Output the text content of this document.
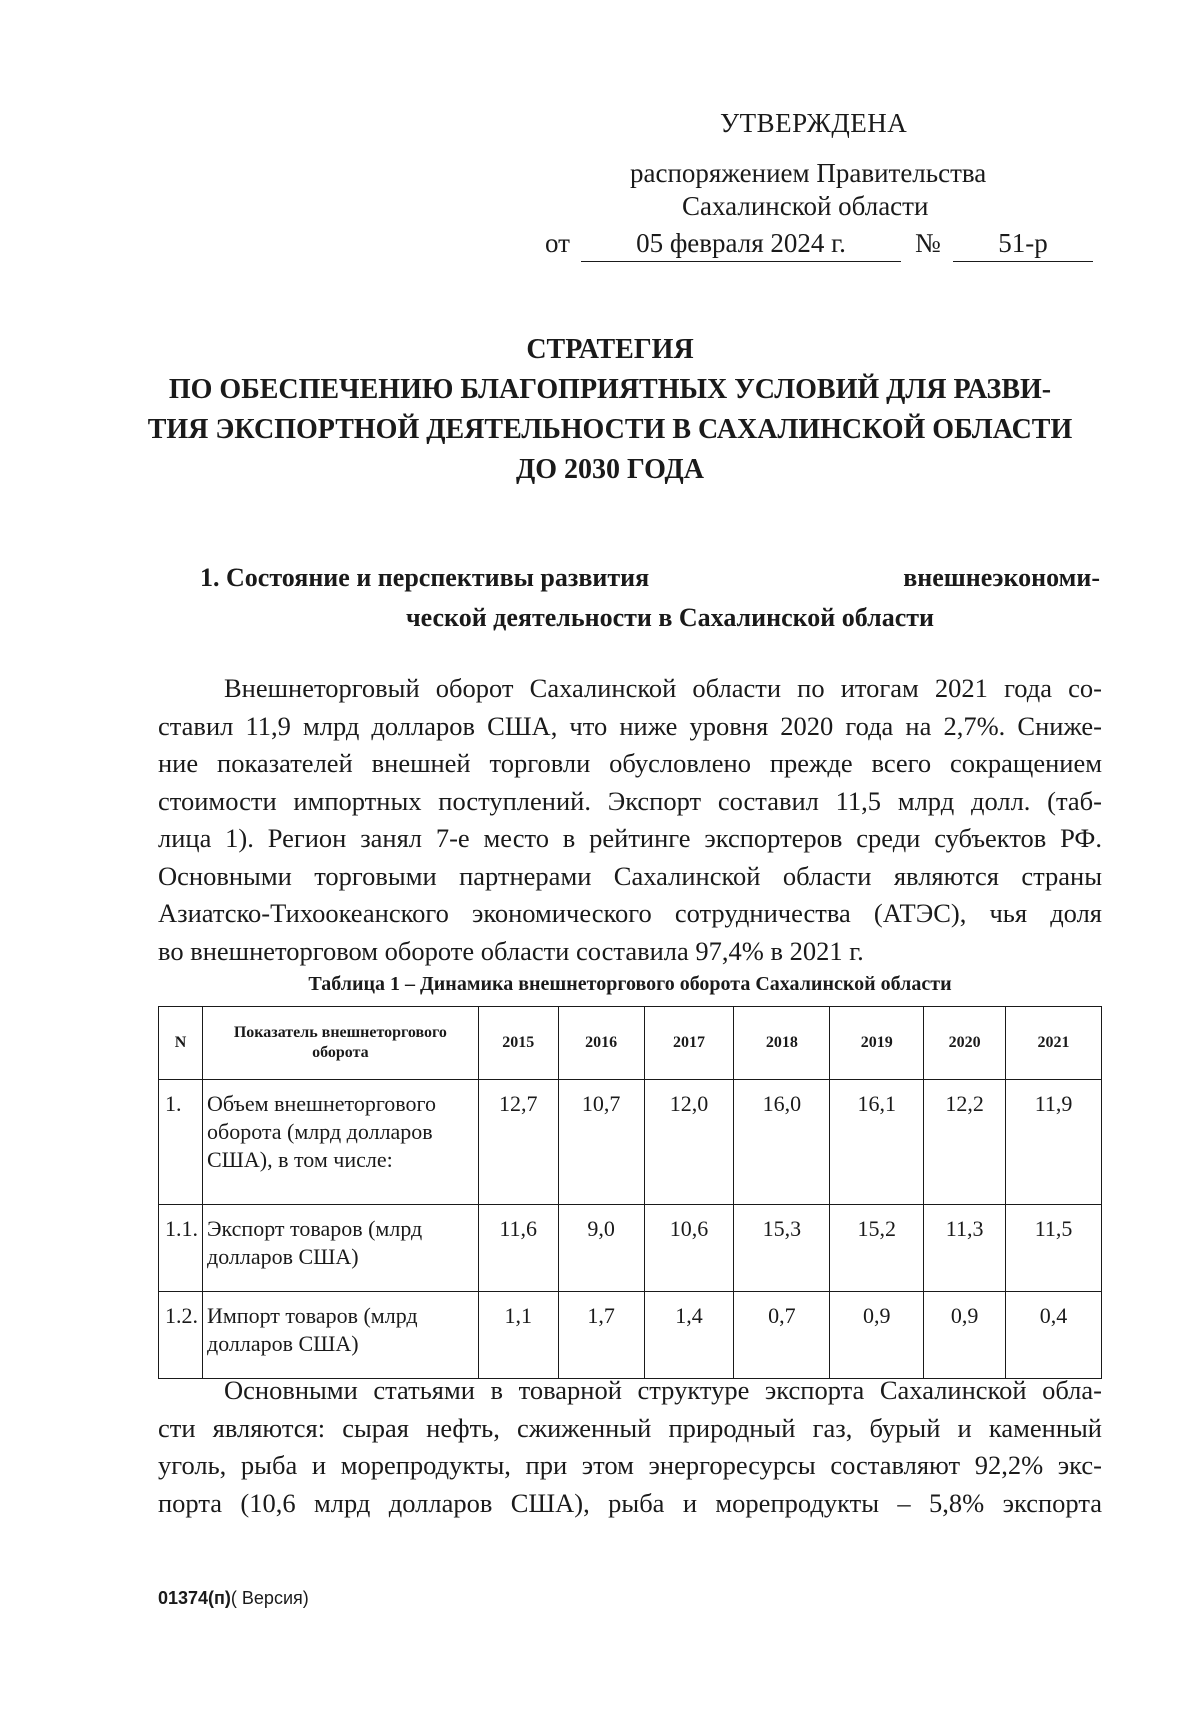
УТВЕРЖДЕНА
распоряжением Правительства
Сахалинской области
от	05 февраля 2024 г.	№	51-р
СТРАТЕГИЯ
ПО ОБЕСПЕЧЕНИЮ БЛАГОПРИЯТНЫХ УСЛОВИЙ ДЛЯ РАЗВИ-
ТИЯ ЭКСПОРТНОЙ ДЕЯТЕЛЬНОСТИ В САХАЛИНСКОЙ ОБЛАСТИ
ДО 2030 ГОДА
1. Состояние и перспективы развития	внешнеэкономи-
ческой деятельности в Сахалинской области
Внешнеторговый оборот Сахалинской области по итогам 2021 года со-
ставил 11,9 млрд долларов США, что ниже уровня 2020 года на 2,7%. Сниже-
ние показателей внешней торговли обусловлено прежде всего сокращением
стоимости импортных поступлений. Экспорт составил 11,5 млрд долл. (таб-
лица 1). Регион занял 7-е место в рейтинге экспортеров среди субъектов РФ.
Основными торговыми партнерами Сахалинской области являются страны
Азиатско-Тихоокеанского экономического сотрудничества (АТЭС), чья доля
во внешнеторговом обороте области составила 97,4% в 2021 г.
Таблица 1 – Динамика внешнеторгового оборота Сахалинской области
N	Показатель внешнеторгового оборота	2015	2016	2017	2018	2019	2020	2021
1.	Объем внешнеторгового оборота (млрд долларов США), в том числе:	12,7	10,7	12,0	16,0	16,1	12,2	11,9
1.1.	Экспорт товаров (млрд долларов США)	11,6	9,0	10,6	15,3	15,2	11,3	11,5
1.2.	Импорт товаров (млрд долларов США)	1,1	1,7	1,4	0,7	0,9	0,9	0,4
Основными статьями в товарной структуре экспорта Сахалинской обла-
сти являются: сырая нефть, сжиженный природный газ, бурый и каменный
уголь, рыба и морепродукты, при этом энергоресурсы составляют 92,2% экс-
порта (10,6 млрд долларов США), рыба и морепродукты – 5,8% экспорта
01374(п)( Версия)
